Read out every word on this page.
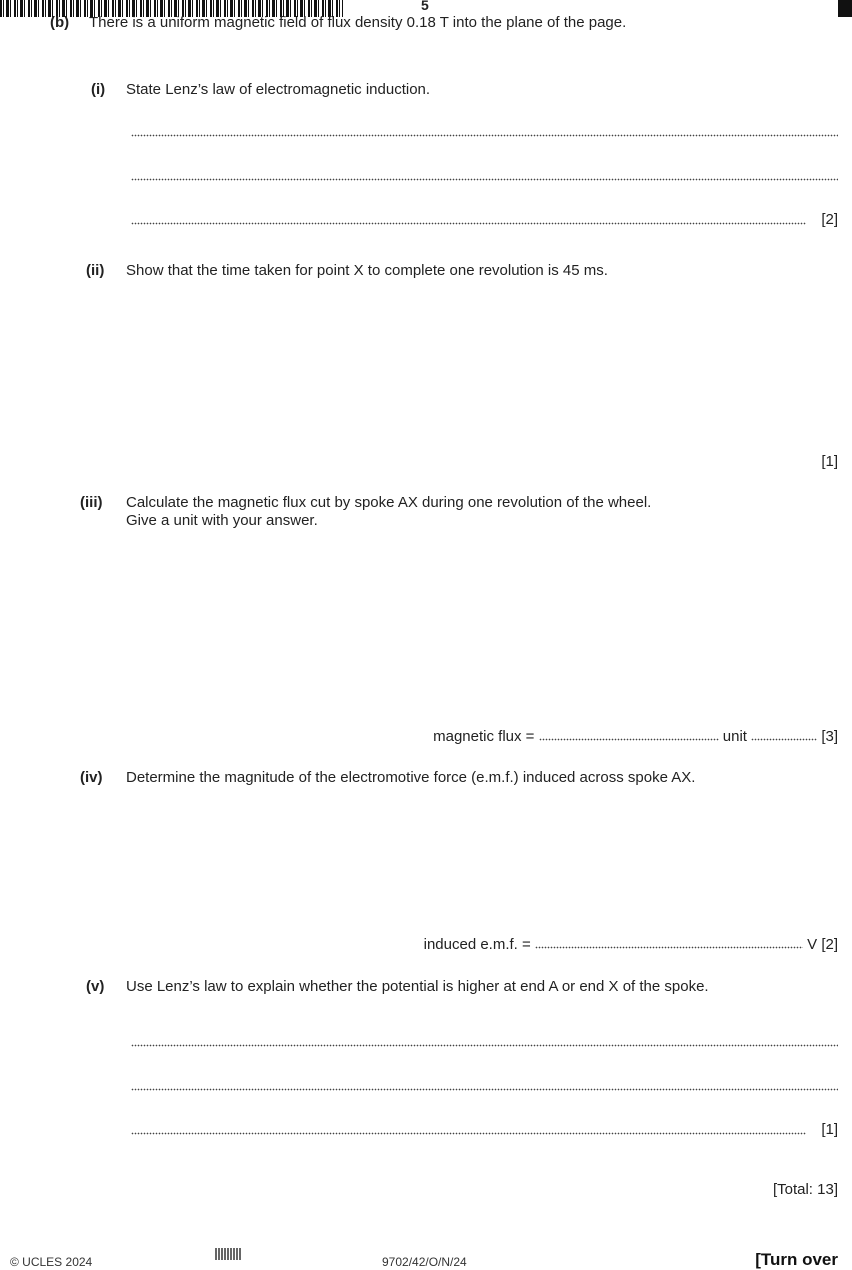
5
(b) There is a uniform magnetic field of flux density 0.18 T into the plane of the page.
(i) State Lenz’s law of electromagnetic induction.
[2]
(ii) Show that the time taken for point X to complete one revolution is 45 ms.
[1]
(iii) Calculate the magnetic flux cut by spoke AX during one revolution of the wheel.
Give a unit with your answer.
magnetic flux =	unit	[3]
(iv) Determine the magnitude of the electromotive force (e.m.f.) induced across spoke AX.
induced e.m.f. =	V [2]
(v) Use Lenz’s law to explain whether the potential is higher at end A or end X of the spoke.
[1]
[Total: 13]
© UCLES 2024	9702/42/O/N/24	[Turn over
